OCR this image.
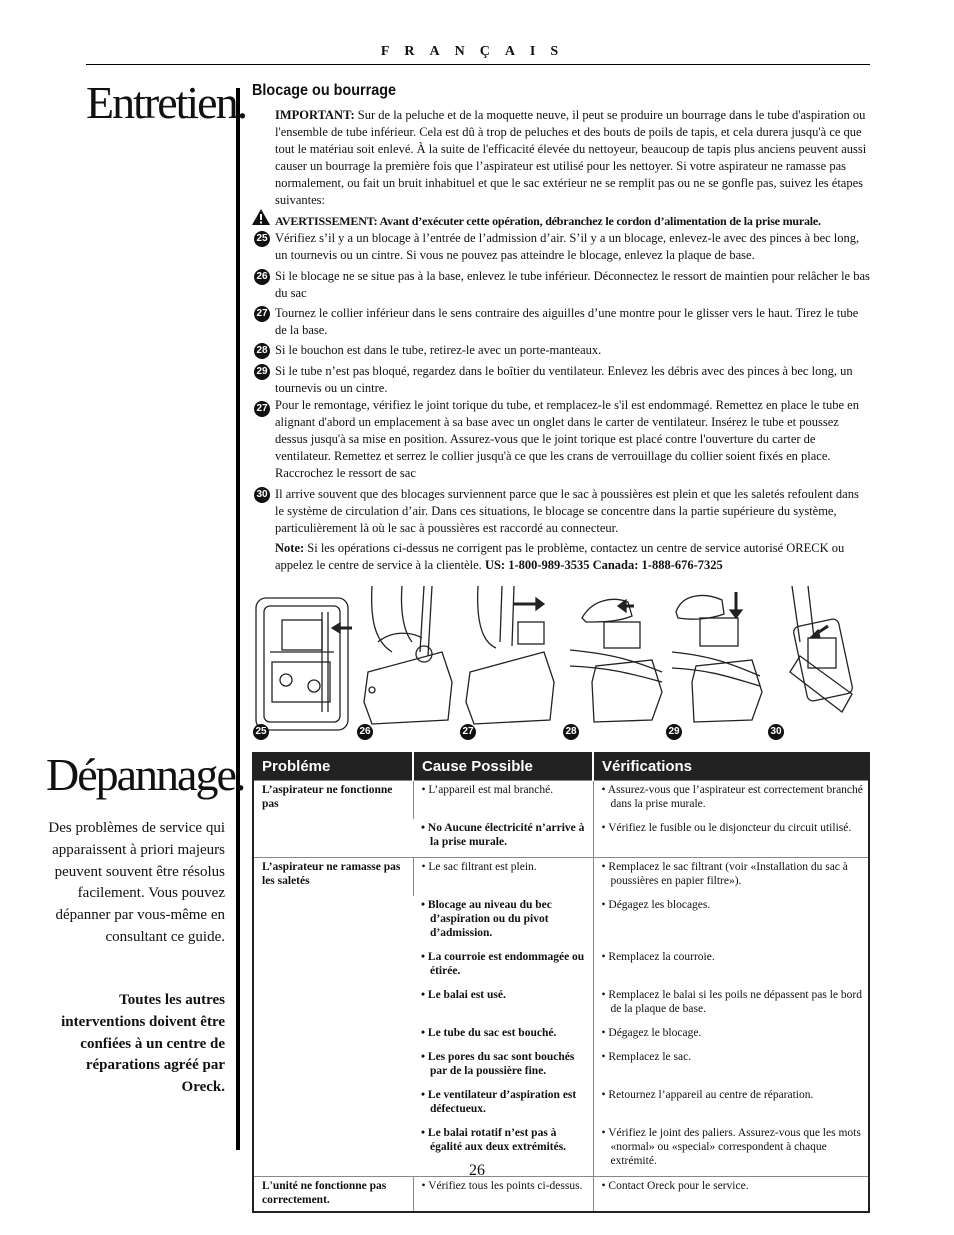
FRANÇAIS
Entretien.
Dépannage.
Blocage ou bourrage
IMPORTANT: Sur de la peluche et de la moquette neuve, il peut se produire un bourrage dans le tube d'aspiration ou l'ensemble de tube inférieur. Cela est dû à trop de peluches et des bouts de poils de tapis, et cela durera jusqu'à ce que tout le matériau soit enlevé. À la suite de l'efficacité élevée du nettoyeur, beaucoup de tapis plus anciens peuvent aussi causer un bourrage la première fois que l’aspirateur est utilisé pour les nettoyer. Si votre aspirateur ne ramasse pas normalement, ou fait un bruit inhabituel et que le sac extérieur ne se remplit pas ou ne se gonfle pas, suivez les étapes suivantes:
AVERTISSEMENT: Avant d’exécuter cette opération, débranchez le cordon d’alimentation de la prise murale.
25 Vérifiez s’il y a un blocage à l’entrée de l’admission d’air. S’il y a un blocage, enlevez-le avec des pinces à bec long, un tournevis ou un cintre. Si vous ne pouvez pas atteindre le blocage, enlevez la plaque de base.
26 Si le blocage ne se situe pas à la base, enlevez le tube inférieur. Déconnectez le ressort de maintien pour relâcher le bas du sac
27 Tournez le collier inférieur dans le sens contraire des aiguilles d’une montre pour le glisser vers le haut. Tirez le tube de la base.
28 Si le bouchon est dans le tube, retirez-le avec un porte-manteaux.
29 Si le tube n’est pas bloqué, regardez dans le boîtier du ventilateur. Enlevez les débris avec des pinces à bec long, un tournevis ou un cintre.
27 Pour le remontage, vérifiez le joint torique du tube, et remplacez-le s'il est endommagé. Remettez en place le tube en alignant d'abord un emplacement à sa base avec un onglet dans le carter de ventilateur. Insérez le tube et poussez dessus jusqu'à sa mise en position. Assurez-vous que le joint torique est placé contre l'ouverture du carter de ventilateur. Remettez et serrez le collier jusqu'à ce que les crans de verrouillage du collier soient fixés en place. Raccrochez le ressort de sac
30 Il arrive souvent que des blocages surviennent parce que le sac à poussières est plein et que les saletés refoulent dans le système de circulation d’air. Dans ces situations, le blocage se concentre dans la partie supérieure du système, particulièrement là où le sac à poussières est raccordé au connecteur.
Note: Si les opérations ci-dessus ne corrigent pas le problème, contactez un centre de service autorisé ORECK ou appelez le centre de service à la clientèle. US: 1-800-989-3535 Canada: 1-888-676-7325
25	26	27	28	29	30
Des problèmes de service qui apparaissent à priori majeurs peuvent souvent être résolus facilement. Vous pouvez dépanner par vous-même en consultant ce guide.
Toutes les autres interventions doivent être confiées à un centre de réparations agréé par Oreck.
Probléme	Cause Possible	Vérifications
L’aspirateur ne fonctionne pas	• L’appareil est mal branché.	• Assurez-vous que l’aspirateur est correctement branché dans la prise murale.

	• No Aucune électricité n’arrive à la prise murale.	• Vérifiez le fusible ou le disjoncteur du circuit utilisé.

L’aspirateur ne ramasse pas les saletés	• Le sac filtrant est plein.	• Remplacez le sac filtrant (voir «Installation du sac à poussières en papier filtre»).

	• Blocage au niveau du bec d’aspiration ou du pivot d’admission.	• Dégagez les blocages.

	• La courroie est endommagée ou étirée.	• Remplacez la courroie.

	• Le balai est usé.	• Remplacez le balai si les poils ne dépassent pas le bord de la plaque de base.

	• Le tube du sac est bouché.	• Dégagez le blocage.

	• Les pores du sac sont bouchés par de la poussière fine.	• Remplacez le sac.

	• Le ventilateur d’aspiration est défectueux.	• Retournez l’appareil au centre de réparation.

	• Le balai rotatif n’est pas à égalité aux deux extrémités.	• Vérifiez le joint des paliers. Assurez-vous que les mots «normal» ou «special» correspondent à chaque extrémité.

L'unité ne fonctionne pas correctement.	• Vérifiez tous les points ci-dessus.	• Contact Oreck pour le service.
26
